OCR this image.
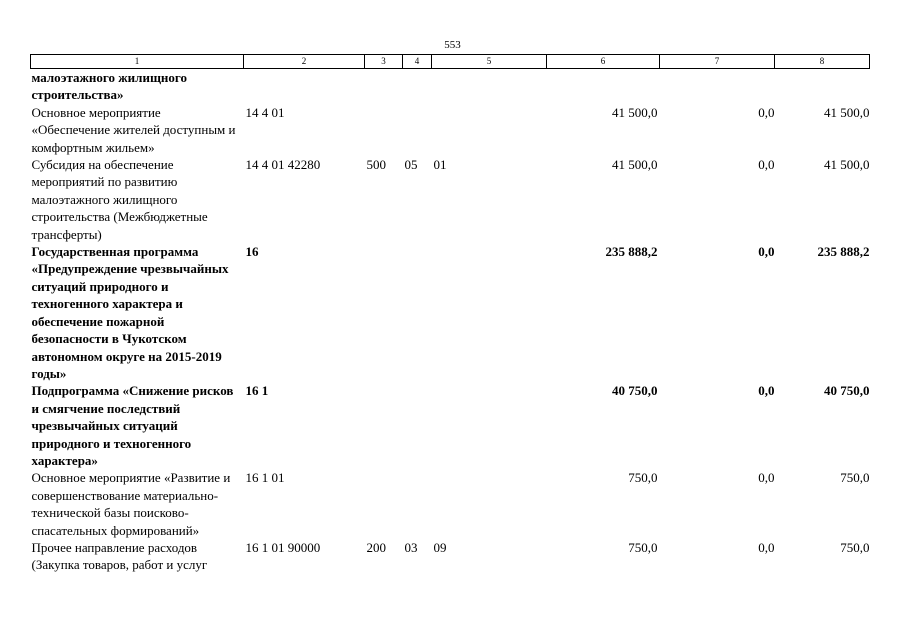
553
1	2	3	4	5	6	7	8
малоэтажного жилищного строительства»							
Основное мероприятие «Обеспечение жителей доступным и комфортным жильем»	14 4 01				41 500,0	0,0	41 500,0
Субсидия на обеспечение мероприятий по развитию малоэтажного жилищного строительства (Межбюджетные трансферты)	14 4 01 42280	500	05	01	41 500,0	0,0	41 500,0
Государственная программа «Предупреждение чрезвычайных ситуаций природного и техногенного характера и обеспечение пожарной безопасности в Чукотском автономном округе на 2015-2019 годы»	16				235 888,2	0,0	235 888,2
Подпрограмма «Снижение рисков и смягчение последствий чрезвычайных ситуаций природного и техногенного характера»	16 1				40 750,0	0,0	40 750,0
Основное мероприятие «Развитие и совершенствование материально-технической базы поисково-спасательных формирований»	16 1 01				750,0	0,0	750,0
Прочее направление расходов (Закупка товаров, работ и услуг	16 1 01 90000	200	03	09	750,0	0,0	750,0
